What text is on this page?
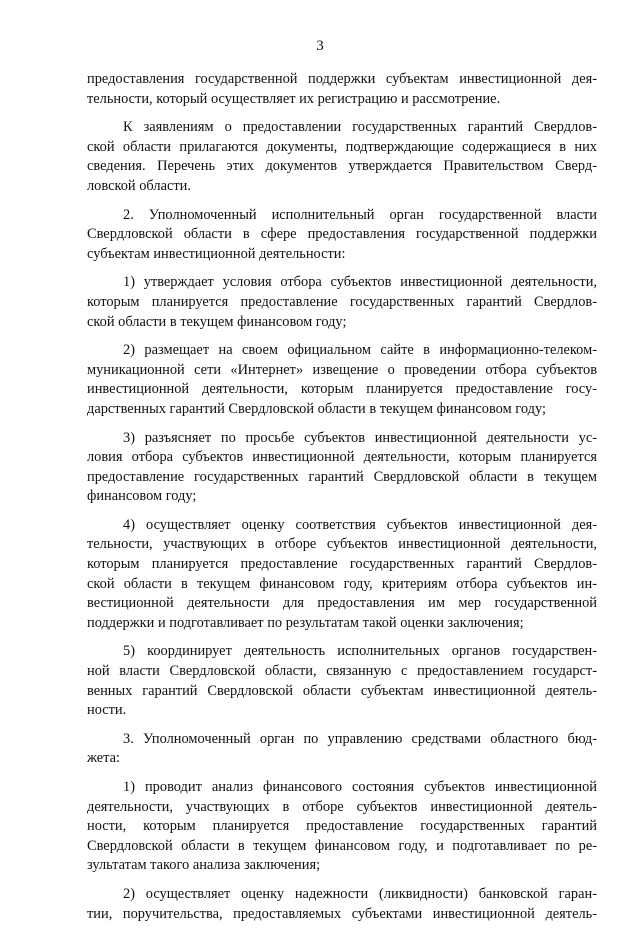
3
предоставления государственной поддержки субъектам инвестиционной дея-
тельности, который осуществляет их регистрацию и рассмотрение.
К заявлениям о предоставлении государственных гарантий Свердлов-
ской области прилагаются документы, подтверждающие содержащиеся в них
сведения. Перечень этих документов утверждается Правительством Сверд-
ловской области.
2. Уполномоченный исполнительный орган государственной власти
Свердловской области в сфере предоставления государственной поддержки
субъектам инвестиционной деятельности:
1) утверждает условия отбора субъектов инвестиционной деятельности,
которым планируется предоставление государственных гарантий Свердлов-
ской области в текущем финансовом году;
2) размещает на своем официальном сайте в информационно-телеком-
муникационной сети «Интернет» извещение о проведении отбора субъектов
инвестиционной деятельности, которым планируется предоставление госу-
дарственных гарантий Свердловской области в текущем финансовом году;
3) разъясняет по просьбе субъектов инвестиционной деятельности ус-
ловия отбора субъектов инвестиционной деятельности, которым планируется
предоставление государственных гарантий Свердловской области в текущем
финансовом году;
4) осуществляет оценку соответствия субъектов инвестиционной дея-
тельности, участвующих в отборе субъектов инвестиционной деятельности,
которым планируется предоставление государственных гарантий Свердлов-
ской области в текущем финансовом году, критериям отбора субъектов ин-
вестиционной деятельности для предоставления им мер государственной
поддержки и подготавливает по результатам такой оценки заключения;
5) координирует деятельность исполнительных органов государствен-
ной власти Свердловской области, связанную с предоставлением государст-
венных гарантий Свердловской области субъектам инвестиционной деятель-
ности.
3. Уполномоченный орган по управлению средствами областного бюд-
жета:
1) проводит анализ финансового состояния субъектов инвестиционной
деятельности, участвующих в отборе субъектов инвестиционной деятель-
ности, которым планируется предоставление государственных гарантий
Свердловской области в текущем финансовом году, и подготавливает по ре-
зультатам такого анализа заключения;
2) осуществляет оценку надежности (ликвидности) банковской гаран-
тии, поручительства, предоставляемых субъектами инвестиционной деятель-
